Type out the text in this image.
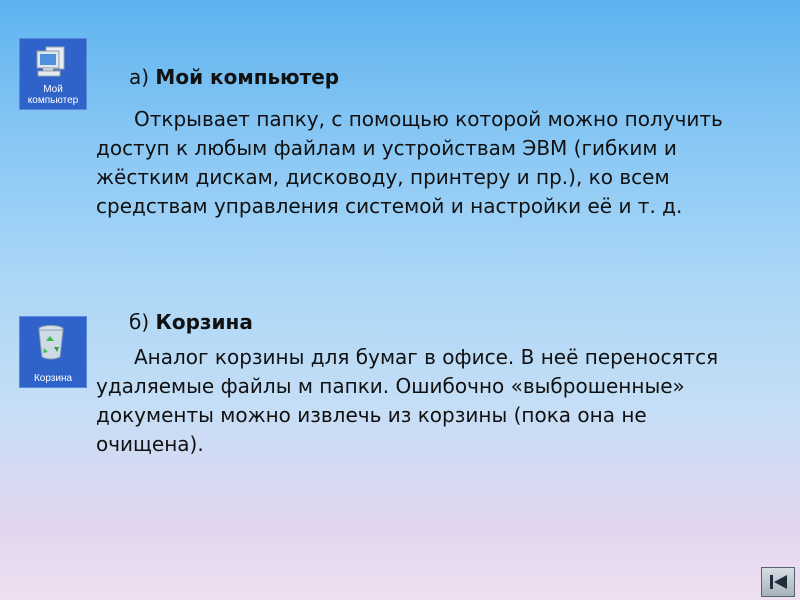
Мой
компьютер
Корзина
а) Мой компьютер
Открывает папку, с помощью которой можно получить доступ к любым файлам и устройствам ЭВМ (гибким и жёстким дискам, дисководу, принтеру и пр.), ко всем средствам управления системой и настройки её и т. д.
б) Корзина
Аналог корзины для бумаг в офисе. В неё переносятся удаляемые файлы м папки. Ошибочно «выброшенные» документы можно извлечь из корзины (пока она не очищена).
